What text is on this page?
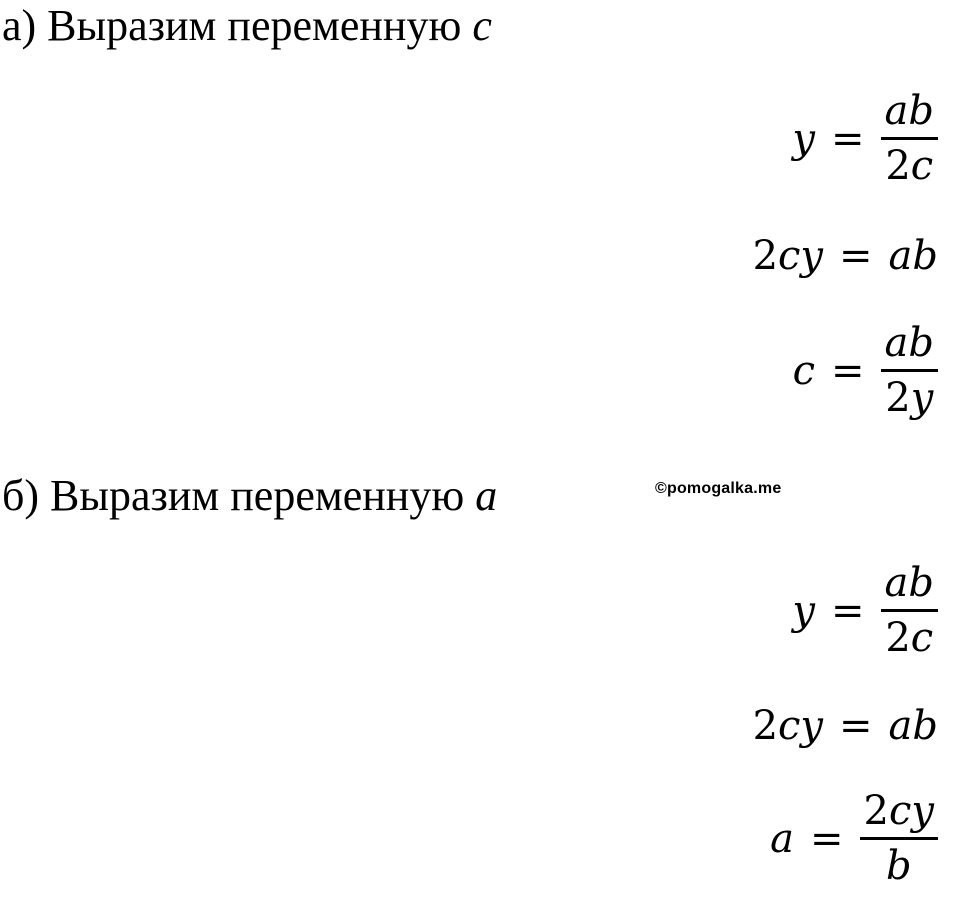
а) Выразим переменную c
$y = \frac{ab}{2c}$
2cy = ab
$c = \frac{ab}{2y}$
б) Выразим переменную a	©pomogalka.me
$y = \frac{ab}{2c}$
2cy = ab
$a = \frac{2cy}{b}$
